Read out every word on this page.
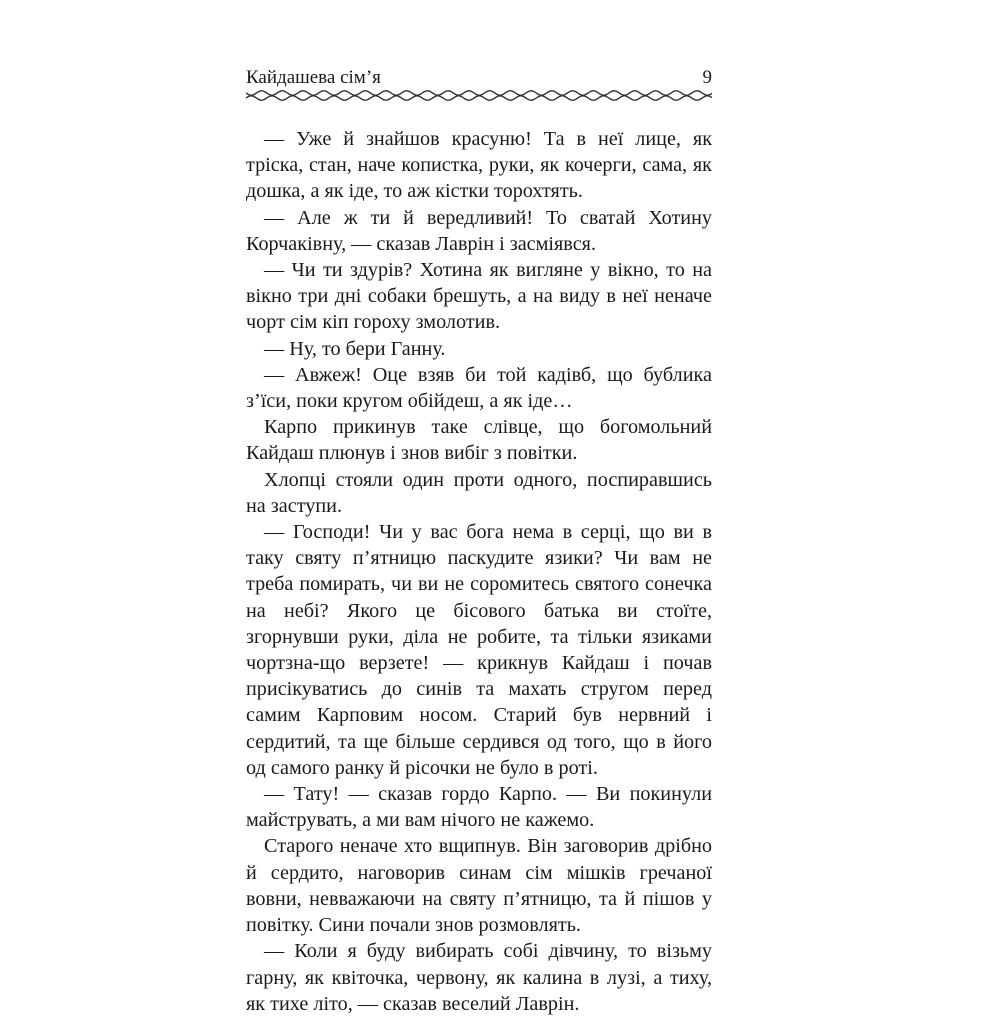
Кайдашева сім’я	9

— Уже й знайшов красуню! Та в неї лице, як тріска, стан, наче копистка, руки, як кочерги, сама, як дошка, а як іде, то аж кістки торохтять.

— Але ж ти й вередливий! То сватай Хотину Корчаківну, — сказав Лаврін і засміявся.

— Чи ти здурів? Хотина як вигляне у вікно, то на вікно три дні собаки брешуть, а на виду в неї неначе чорт сім кіп гороху змолотив.

— Ну, то бери Ганну.

— Авжеж! Оце взяв би той кадівб, що бублика з’їси, поки кругом обійдеш, а як іде…

Карпо прикинув таке слівце, що богомольний Кайдаш плюнув і знов вибіг з повітки.

Хлопці стояли один проти одного, поспиравшись на заступи.

— Господи! Чи у вас бога нема в серці, що ви в таку святу п’ятницю паскудите язики? Чи вам не треба помирать, чи ви не соромитесь святого сонечка на небі? Якого це бісового батька ви стоїте, згорнувши руки, діла не робите, та тільки язиками чортзна-що верзете! — крикнув Кайдаш і почав присікуватись до синів та махать стругом перед самим Карповим носом. Старий був нервний і сердитий, та ще більше сердився од того, що в його од самого ранку й рісочки не було в роті.

— Тату! — сказав гордо Карпо. — Ви покинули майструвать, а ми вам нічого не кажемо.

Старого неначе хто вщипнув. Він заговорив дрібно й сердито, наговорив синам сім мішків гречаної вовни, невважаючи на святу п’ятницю, та й пішов у повітку. Сини почали знов розмовлять.

— Коли я буду вибирать собі дівчину, то візьму гарну, як квіточка, червону, як калина в лузі, а тиху, як тихе літо, — сказав веселий Лаврін.
